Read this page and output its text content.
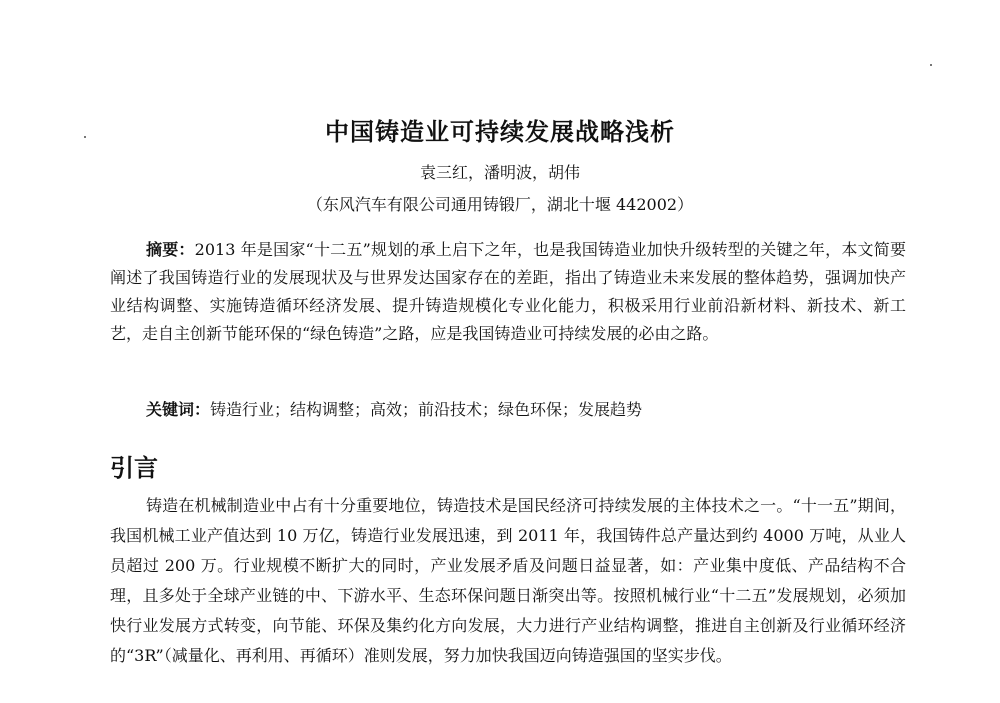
中国铸造业可持续发展战略浅析
袁三红，潘明波，胡伟
（东风汽车有限公司通用铸锻厂，湖北十堰 442002）

摘要：2013 年是国家“十二五”规划的承上启下之年，也是我国铸造业加快升级转型的关键之年，本文简要阐述了我国铸造行业的发展现状及与世界发达国家存在的差距，指出了铸造业未来发展的整体趋势，强调加快产业结构调整、实施铸造循环经济发展、提升铸造规模化专业化能力，积极采用行业前沿新材料、新技术、新工艺，走自主创新节能环保的“绿色铸造”之路，应是我国铸造业可持续发展的必由之路。

关键词：铸造行业；结构调整；高效；前沿技术；绿色环保；发展趋势

引言

铸造在机械制造业中占有十分重要地位，铸造技术是国民经济可持续发展的主体技术之一。“十一五”期间，我国机械工业产值达到 10 万亿，铸造行业发展迅速，到 2011 年，我国铸件总产量达到约 4000 万吨，从业人员超过 200 万。行业规模不断扩大的同时，产业发展矛盾及问题日益显著，如：产业集中度低、产品结构不合理，且多处于全球产业链的中、下游水平、生态环保问题日渐突出等。按照机械行业“十二五”发展规划，必须加快行业发展方式转变，向节能、环保及集约化方向发展，大力进行产业结构调整，推进自主创新及行业循环经济的“3R”（减量化、再利用、再循环）准则发展，努力加快我国迈向铸造强国的坚实步伐。
